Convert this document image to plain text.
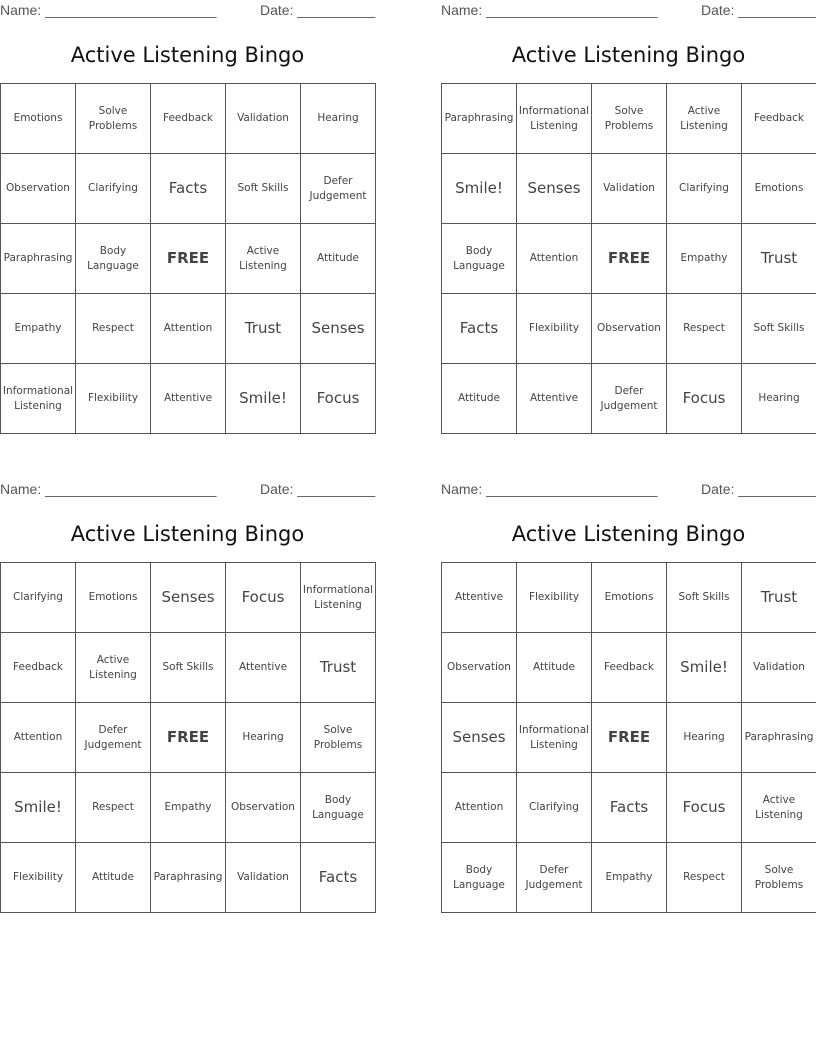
Name: ______________________	Date: __________
Active Listening Bingo
Emotions	Solve Problems	Feedback	Validation	Hearing
Observation	Clarifying	Facts	Soft Skills	Defer Judgement
Paraphrasing	Body Language	FREE	Active Listening	Attitude
Empathy	Respect	Attention	Trust	Senses
Informational Listening	Flexibility	Attentive	Smile!	Focus
Name: ______________________	Date: __________
Active Listening Bingo
Paraphrasing	Informational Listening	Solve Problems	Active Listening	Feedback
Smile!	Senses	Validation	Clarifying	Emotions
Body Language	Attention	FREE	Empathy	Trust
Facts	Flexibility	Observation	Respect	Soft Skills
Attitude	Attentive	Defer Judgement	Focus	Hearing
Name: ______________________	Date: __________
Active Listening Bingo
Clarifying	Emotions	Senses	Focus	Informational Listening
Feedback	Active Listening	Soft Skills	Attentive	Trust
Attention	Defer Judgement	FREE	Hearing	Solve Problems
Smile!	Respect	Empathy	Observation	Body Language
Flexibility	Attitude	Paraphrasing	Validation	Facts
Name: ______________________	Date: __________
Active Listening Bingo
Attentive	Flexibility	Emotions	Soft Skills	Trust
Observation	Attitude	Feedback	Smile!	Validation
Senses	Informational Listening	FREE	Hearing	Paraphrasing
Attention	Clarifying	Facts	Focus	Active Listening
Body Language	Defer Judgement	Empathy	Respect	Solve Problems
